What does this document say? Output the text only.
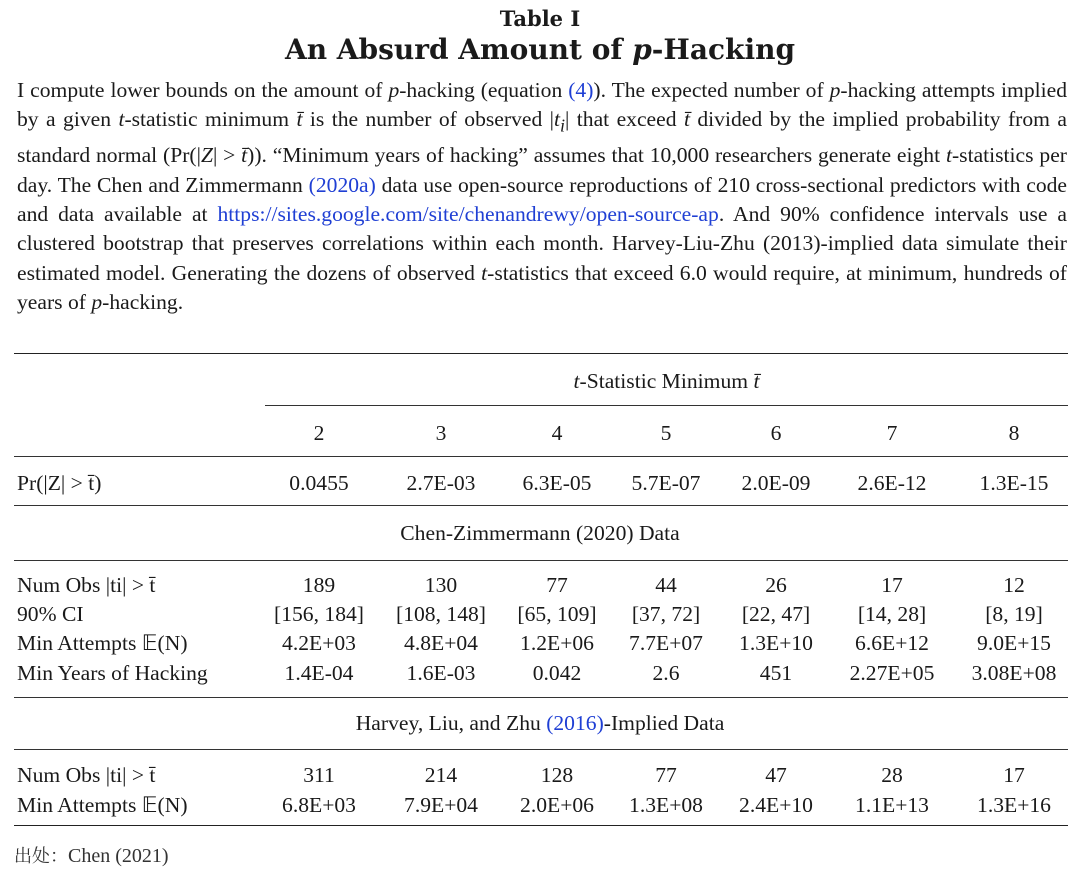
Table I
An Absurd Amount of p-Hacking
I compute lower bounds on the amount of p-hacking (equation (4)). The expected number of p-hacking attempts implied by a given t-statistic minimum t̄ is the number of observed $|t_i|$ that exceed t̄ divided by the implied probability from a standard normal (Pr(|Z| > t̄)). “Minimum years of hacking” assumes that 10,000 researchers generate eight t-statistics per day. The Chen and Zimmermann (2020a) data use open-source reproductions of 210 cross-sectional predictors with code and data available at https://sites.google.com/site/chenandrewy/open-source-ap. And 90% confidence intervals use a clustered bootstrap that preserves correlations within each month. Harvey-Liu-Zhu (2013)-implied data simulate their estimated model. Generating the dozens of observed t-statistics that exceed 6.0 would require, at minimum, hundreds of years of p-hacking.
t-Statistic Minimum t̄
2	3	4	5	6	7	8
Pr(|Z| > t̄)	0.0455	2.7E-03	6.3E-05	5.7E-07	2.0E-09	2.6E-12	1.3E-15
Chen-Zimmermann (2020) Data
Num Obs |ti| > t̄	189	130	77	44	26	17	12
90% CI	[156, 184]	[108, 148]	[65, 109]	[37, 72]	[22, 47]	[14, 28]	[8, 19]
Min Attempts 𝔼(N)	4.2E+03	4.8E+04	1.2E+06	7.7E+07	1.3E+10	6.6E+12	9.0E+15
Min Years of Hacking	1.4E-04	1.6E-03	0.042	2.6	451	2.27E+05	3.08E+08
Harvey, Liu, and Zhu (2016)-Implied Data
Num Obs |ti| > t̄	311	214	128	77	47	28	17
Min Attempts 𝔼(N)	6.8E+03	7.9E+04	2.0E+06	1.3E+08	2.4E+10	1.1E+13	1.3E+16
出处：Chen (2021)
